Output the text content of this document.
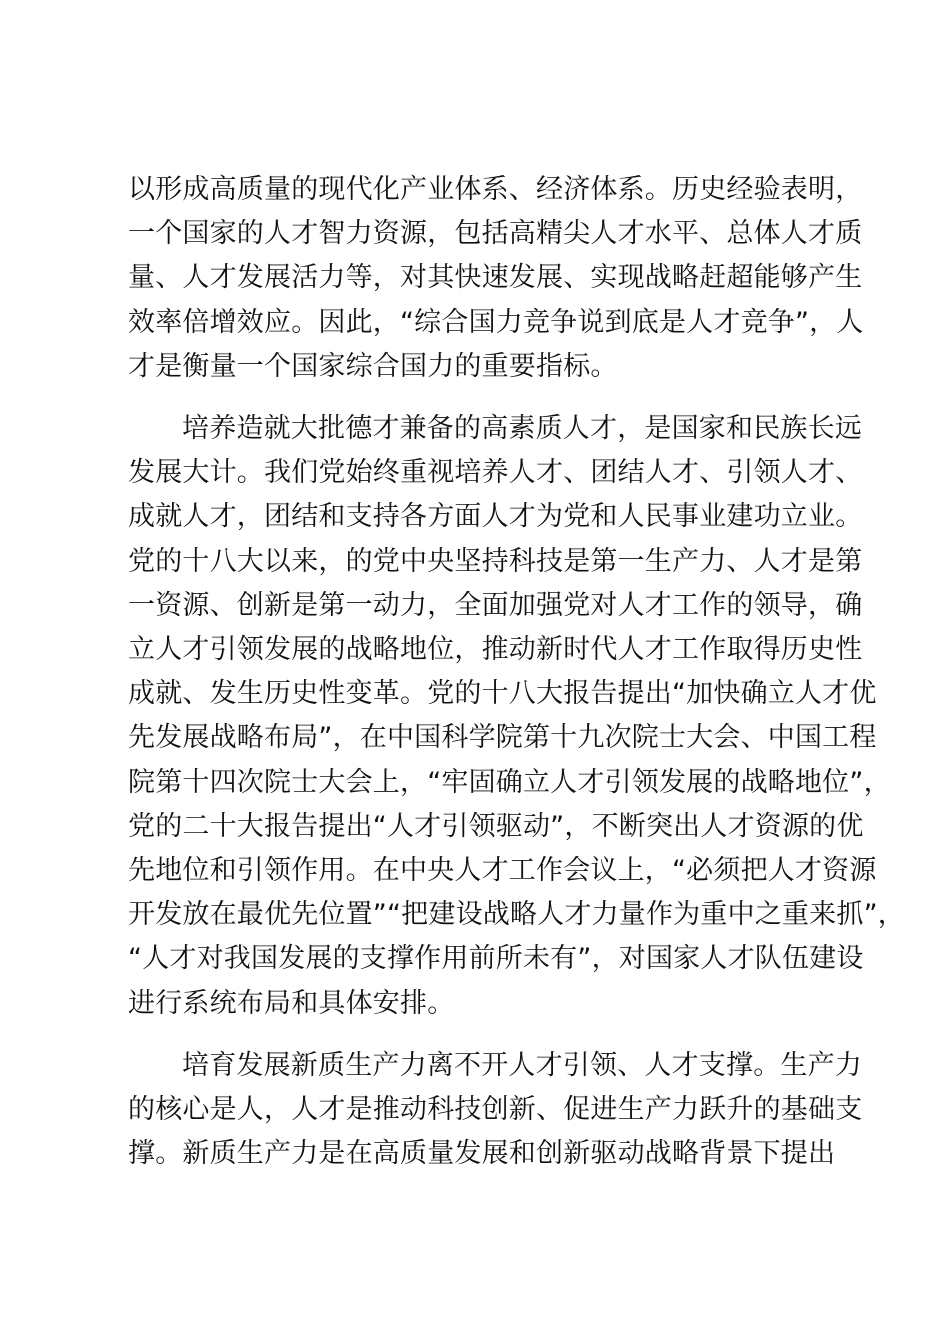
以形成高质量的现代化产业体系、经济体系。历史经验表明，
一个国家的人才智力资源，包括高精尖人才水平、总体人才质
量、人才发展活力等，对其快速发展、实现战略赶超能够产生
效率倍增效应。因此，“综合国力竞争说到底是人才竞争”，人
才是衡量一个国家综合国力的重要指标。

培养造就大批德才兼备的高素质人才，是国家和民族长远
发展大计。我们党始终重视培养人才、团结人才、引领人才、
成就人才，团结和支持各方面人才为党和人民事业建功立业。
党的十八大以来，的党中央坚持科技是第一生产力、人才是第
一资源、创新是第一动力，全面加强党对人才工作的领导，确
立人才引领发展的战略地位，推动新时代人才工作取得历史性
成就、发生历史性变革。党的十八大报告提出“加快确立人才优
先发展战略布局”，在中国科学院第十九次院士大会、中国工程
院第十四次院士大会上，“牢固确立人才引领发展的战略地位”，
党的二十大报告提出“人才引领驱动”，不断突出人才资源的优
先地位和引领作用。在中央人才工作会议上，“必须把人才资源
开发放在最优先位置”“把建设战略人才力量作为重中之重来抓”，
“人才对我国发展的支撑作用前所未有”，对国家人才队伍建设
进行系统布局和具体安排。

培育发展新质生产力离不开人才引领、人才支撑。生产力
的核心是人，人才是推动科技创新、促进生产力跃升的基础支
撑。新质生产力是在高质量发展和创新驱动战略背景下提出
